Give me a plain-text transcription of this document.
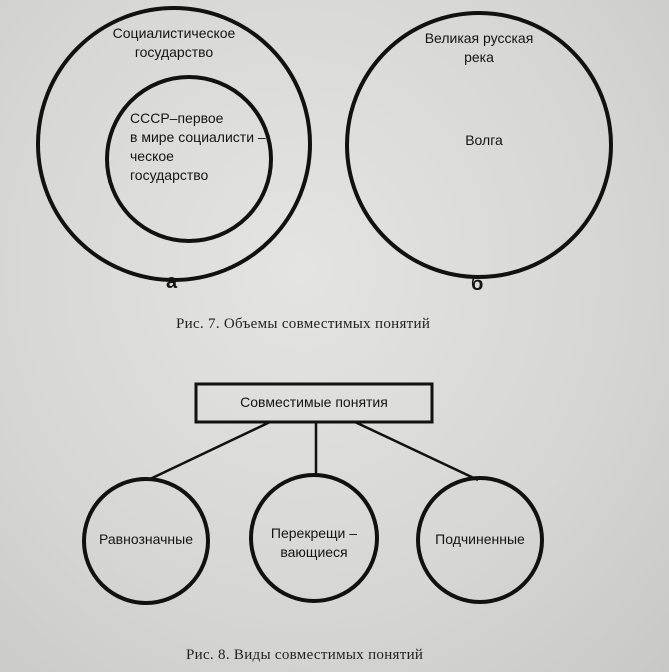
Социалистическое
государство
СССР–первое
в мире социалисти –
ческое
государство
а
Великая русская
река
Волга
б
Рис. 7. Объемы совместимых понятий
Совместимые понятия
Равнозначные	Перекрещи –
вающиеся
Подчиненные
Рис. 8. Виды совместимых понятий
